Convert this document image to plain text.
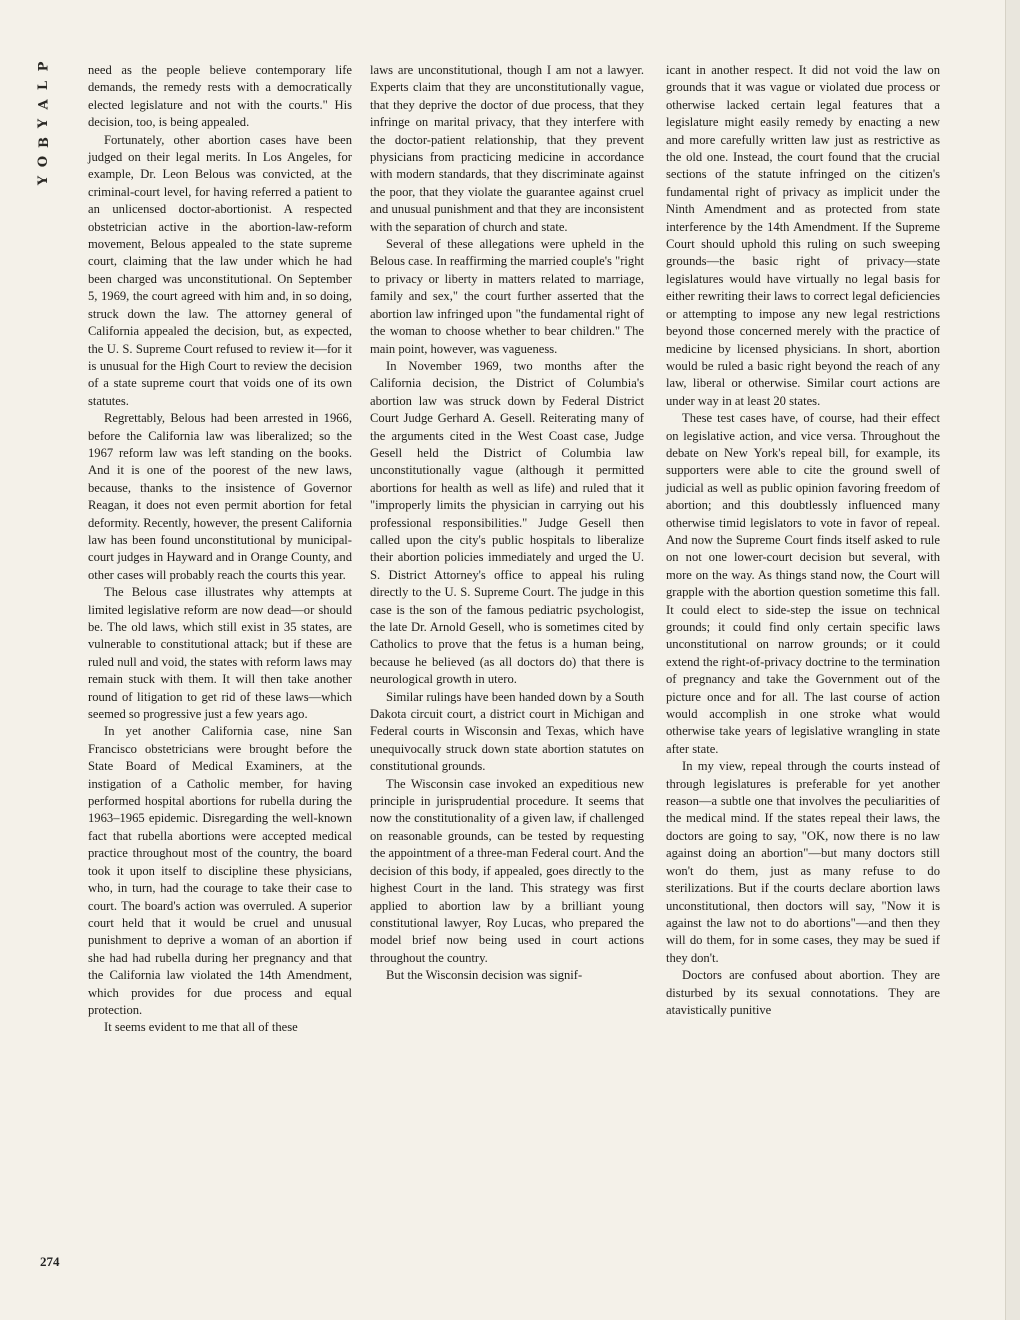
P
L
A
Y
B
O
Y
274

need as the people believe contemporary life demands, the remedy rests with a democratically elected legislature and not with the courts." His decision, too, is being appealed.

Fortunately, other abortion cases have been judged on their legal merits. In Los Angeles, for example, Dr. Leon Belous was convicted, at the criminal-court level, for having referred a patient to an unlicensed doctor-abortionist. A respected obstetrician active in the abortion-law-reform movement, Belous appealed to the state supreme court, claiming that the law under which he had been charged was unconstitutional. On September 5, 1969, the court agreed with him and, in so doing, struck down the law. The attorney general of California appealed the decision, but, as expected, the U. S. Supreme Court refused to review it—for it is unusual for the High Court to review the decision of a state supreme court that voids one of its own statutes.

Regrettably, Belous had been arrested in 1966, before the California law was liberalized; so the 1967 reform law was left standing on the books. And it is one of the poorest of the new laws, because, thanks to the insistence of Governor Reagan, it does not even permit abortion for fetal deformity. Recently, however, the present California law has been found unconstitutional by municipal-court judges in Hayward and in Orange County, and other cases will probably reach the courts this year.

The Belous case illustrates why attempts at limited legislative reform are now dead—or should be. The old laws, which still exist in 35 states, are vulnerable to constitutional attack; but if these are ruled null and void, the states with reform laws may remain stuck with them. It will then take another round of litigation to get rid of these laws—which seemed so progressive just a few years ago.

In yet another California case, nine San Francisco obstetricians were brought before the State Board of Medical Examiners, at the instigation of a Catholic member, for having performed hospital abortions for rubella during the 1963–1965 epidemic. Disregarding the well-known fact that rubella abortions were accepted medical practice throughout most of the country, the board took it upon itself to discipline these physicians, who, in turn, had the courage to take their case to court. The board's action was overruled. A superior court held that it would be cruel and unusual punishment to deprive a woman of an abortion if she had had rubella during her pregnancy and that the California law violated the 14th Amendment, which provides for due process and equal protection.

It seems evident to me that all of these

laws are unconstitutional, though I am not a lawyer. Experts claim that they are unconstitutionally vague, that they deprive the doctor of due process, that they infringe on marital privacy, that they interfere with the doctor-patient relationship, that they prevent physicians from practicing medicine in accordance with modern standards, that they discriminate against the poor, that they violate the guarantee against cruel and unusual punishment and that they are inconsistent with the separation of church and state.

Several of these allegations were upheld in the Belous case. In reaffirming the married couple's "right to privacy or liberty in matters related to marriage, family and sex," the court further asserted that the abortion law infringed upon "the fundamental right of the woman to choose whether to bear children." The main point, however, was vagueness.

In November 1969, two months after the California decision, the District of Columbia's abortion law was struck down by Federal District Court Judge Gerhard A. Gesell. Reiterating many of the arguments cited in the West Coast case, Judge Gesell held the District of Columbia law unconstitutionally vague (although it permitted abortions for health as well as life) and ruled that it "improperly limits the physician in carrying out his professional responsibilities." Judge Gesell then called upon the city's public hospitals to liberalize their abortion policies immediately and urged the U. S. District Attorney's office to appeal his ruling directly to the U. S. Supreme Court. The judge in this case is the son of the famous pediatric psychologist, the late Dr. Arnold Gesell, who is sometimes cited by Catholics to prove that the fetus is a human being, because he believed (as all doctors do) that there is neurological growth in utero.

Similar rulings have been handed down by a South Dakota circuit court, a district court in Michigan and Federal courts in Wisconsin and Texas, which have unequivocally struck down state abortion statutes on constitutional grounds.

The Wisconsin case invoked an expeditious new principle in jurisprudential procedure. It seems that now the constitutionality of a given law, if challenged on reasonable grounds, can be tested by requesting the appointment of a three-man Federal court. And the decision of this body, if appealed, goes directly to the highest Court in the land. This strategy was first applied to abortion law by a brilliant young constitutional lawyer, Roy Lucas, who prepared the model brief now being used in court actions throughout the country.

But the Wisconsin decision was signif-

icant in another respect. It did not void the law on grounds that it was vague or violated due process or otherwise lacked certain legal features that a legislature might easily remedy by enacting a new and more carefully written law just as restrictive as the old one. Instead, the court found that the crucial sections of the statute infringed on the citizen's fundamental right of privacy as implicit under the Ninth Amendment and as protected from state interference by the 14th Amendment. If the Supreme Court should uphold this ruling on such sweeping grounds—the basic right of privacy—state legislatures would have virtually no legal basis for either rewriting their laws to correct legal deficiencies or attempting to impose any new legal restrictions beyond those concerned merely with the practice of medicine by licensed physicians. In short, abortion would be ruled a basic right beyond the reach of any law, liberal or otherwise. Similar court actions are under way in at least 20 states.

These test cases have, of course, had their effect on legislative action, and vice versa. Throughout the debate on New York's repeal bill, for example, its supporters were able to cite the ground swell of judicial as well as public opinion favoring freedom of abortion; and this doubtlessly influenced many otherwise timid legislators to vote in favor of repeal. And now the Supreme Court finds itself asked to rule on not one lower-court decision but several, with more on the way. As things stand now, the Court will grapple with the abortion question sometime this fall. It could elect to side-step the issue on technical grounds; it could find only certain specific laws unconstitutional on narrow grounds; or it could extend the right-of-privacy doctrine to the termination of pregnancy and take the Government out of the picture once and for all. The last course of action would accomplish in one stroke what would otherwise take years of legislative wrangling in state after state.

In my view, repeal through the courts instead of through legislatures is preferable for yet another reason—a subtle one that involves the peculiarities of the medical mind. If the states repeal their laws, the doctors are going to say, "OK, now there is no law against doing an abortion"—but many doctors still won't do them, just as many refuse to do sterilizations. But if the courts declare abortion laws unconstitutional, then doctors will say, "Now it is against the law not to do abortions"—and then they will do them, for in some cases, they may be sued if they don't.

Doctors are confused about abortion. They are disturbed by its sexual connotations. They are atavistically punitive
